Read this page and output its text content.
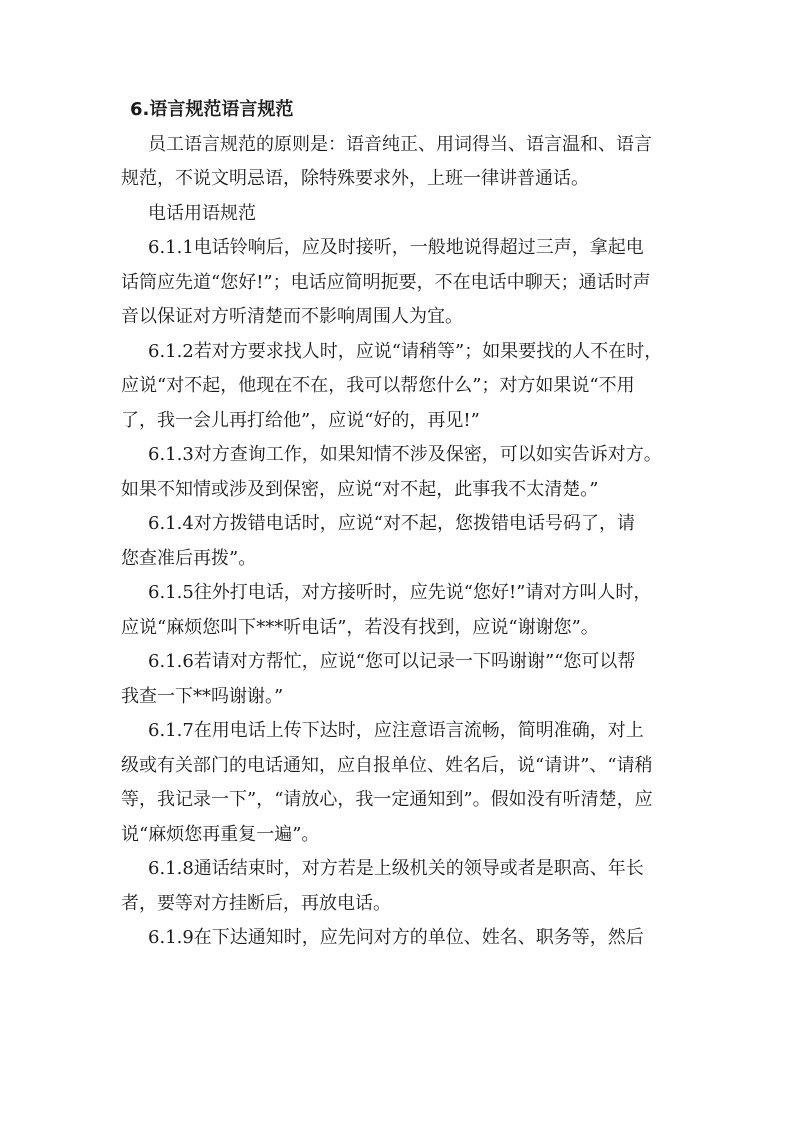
6.语言规范语言规范

员工语言规范的原则是：语音纯正、用词得当、语言温和、语言
规范，不说文明忌语，除特殊要求外，上班一律讲普通话。

电话用语规范

6.1.1电话铃响后，应及时接听，一般地说得超过三声，拿起电
话筒应先道“您好!”；电话应简明扼要，不在电话中聊天；通话时声
音以保证对方听清楚而不影响周围人为宜。

6.1.2若对方要求找人时，应说“请稍等”；如果要找的人不在时，
应说“对不起，他现在不在，我可以帮您什么”；对方如果说“不用
了，我一会儿再打给他”，应说“好的，再见!”

6.1.3对方查询工作，如果知情不涉及保密，可以如实告诉对方。
如果不知情或涉及到保密，应说“对不起，此事我不太清楚。”

6.1.4对方拨错电话时，应说“对不起，您拨错电话号码了，请
您查准后再拨”。

6.1.5往外打电话，对方接听时，应先说“您好!”请对方叫人时，
应说“麻烦您叫下***听电话”，若没有找到，应说“谢谢您”。

6.1.6若请对方帮忙，应说“您可以记录一下吗谢谢”“您可以帮
我查一下**吗谢谢。”

6.1.7在用电话上传下达时，应注意语言流畅，简明准确，对上
级或有关部门的电话通知，应自报单位、姓名后，说“请讲”、“请稍
等，我记录一下”，“请放心，我一定通知到”。假如没有听清楚，应
说“麻烦您再重复一遍”。

6.1.8通话结束时，对方若是上级机关的领导或者是职高、年长
者，要等对方挂断后，再放电话。

6.1.9在下达通知时，应先问对方的单位、姓名、职务等，然后
